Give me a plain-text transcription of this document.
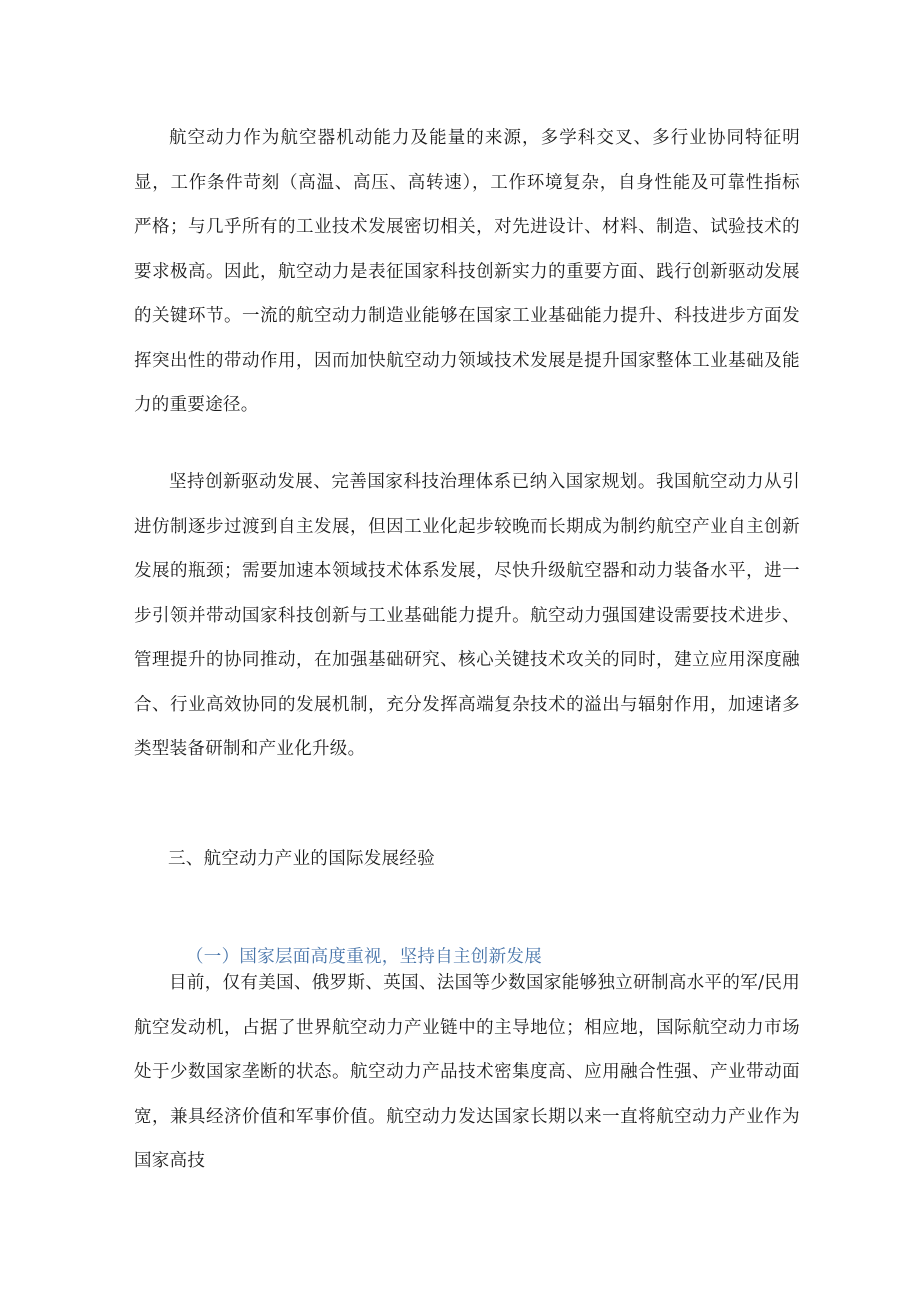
航空动力作为航空器机动能力及能量的来源，多学科交叉、多行业协同特征明显，工作条件苛刻（高温、高压、高转速），工作环境复杂，自身性能及可靠性指标严格；与几乎所有的工业技术发展密切相关，对先进设计、材料、制造、试验技术的要求极高。因此，航空动力是表征国家科技创新实力的重要方面、践行创新驱动发展的关键环节。一流的航空动力制造业能够在国家工业基础能力提升、科技进步方面发挥突出性的带动作用，因而加快航空动力领域技术发展是提升国家整体工业基础及能力的重要途径。

坚持创新驱动发展、完善国家科技治理体系已纳入国家规划。我国航空动力从引进仿制逐步过渡到自主发展，但因工业化起步较晚而长期成为制约航空产业自主创新发展的瓶颈；需要加速本领域技术体系发展，尽快升级航空器和动力装备水平，进一步引领并带动国家科技创新与工业基础能力提升。航空动力强国建设需要技术进步、管理提升的协同推动，在加强基础研究、核心关键技术攻关的同时，建立应用深度融合、行业高效协同的发展机制，充分发挥高端复杂技术的溢出与辐射作用，加速诸多类型装备研制和产业化升级。

三、航空动力产业的国际发展经验

（一）国家层面高度重视，坚持自主创新发展

目前，仅有美国、俄罗斯、英国、法国等少数国家能够独立研制高水平的军/民用航空发动机，占据了世界航空动力产业链中的主导地位；相应地，国际航空动力市场处于少数国家垄断的状态。航空动力产品技术密集度高、应用融合性强、产业带动面宽，兼具经济价值和军事价值。航空动力发达国家长期以来一直将航空动力产业作为国家高技
